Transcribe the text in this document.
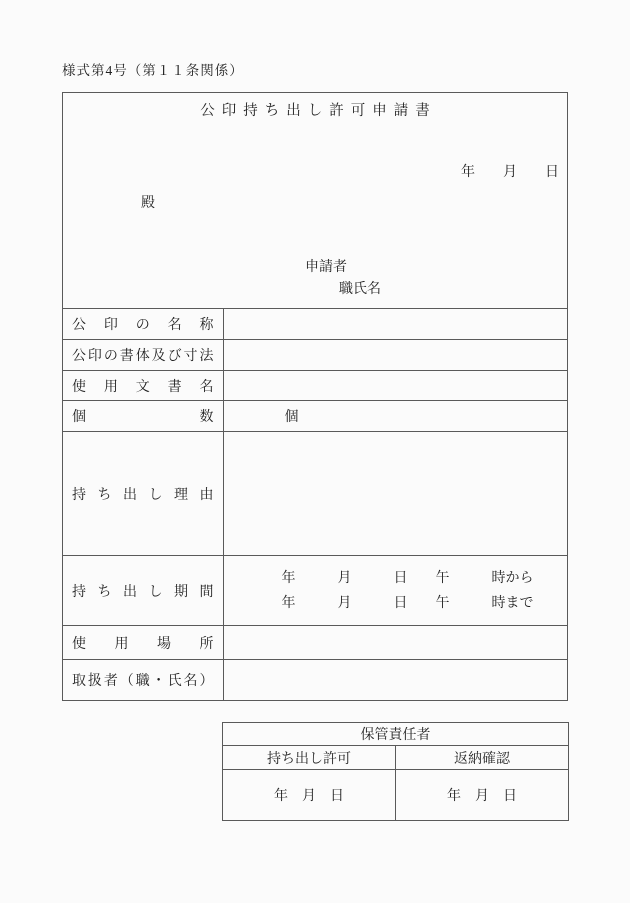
様式第4号（第１１条関係）
公印持ち出し許可申請書
年　　月　　日
殿
申請者
職氏名
公印の名称	
公印の書体及び寸法	
使用文書名	
個数	個
持ち出し理由	
持ち出し期間	年　　　月　　　日　　午　　　時から
年　　　月　　　日　　午　　　時まで

使用場所	
取扱者（職・氏名）	
保管責任者	
持ち出し許可	返納確認
年　月　日	年　月　日
